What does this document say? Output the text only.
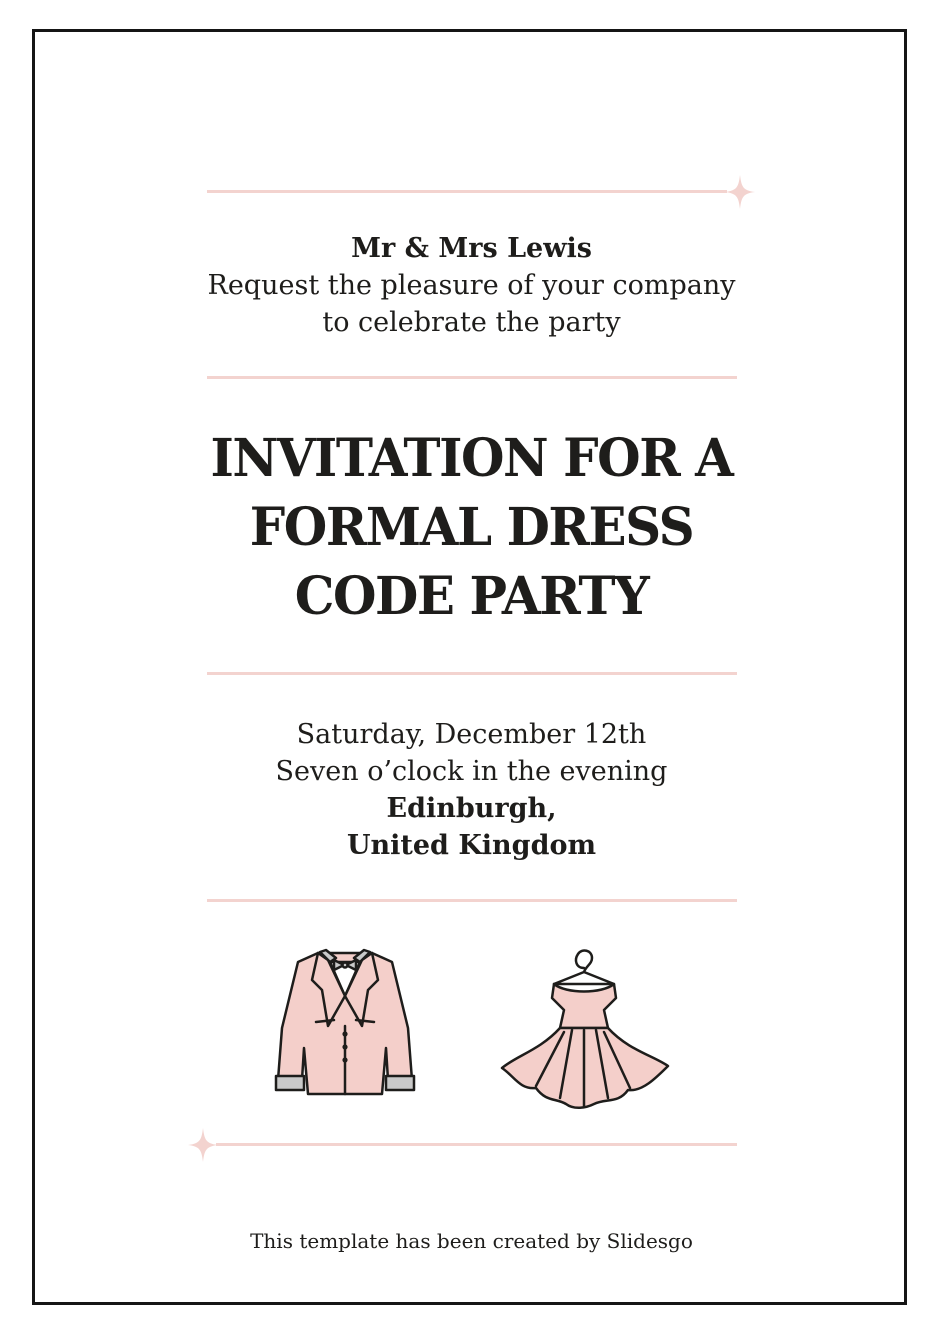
Mr & Mrs Lewis
Request the pleasure of your company
to celebrate the party
INVITATION FOR A
FORMAL DRESS
CODE PARTY
Saturday, December 12th
Seven o’clock in the evening
Edinburgh,
United Kingdom
This template has been created by Slidesgo
